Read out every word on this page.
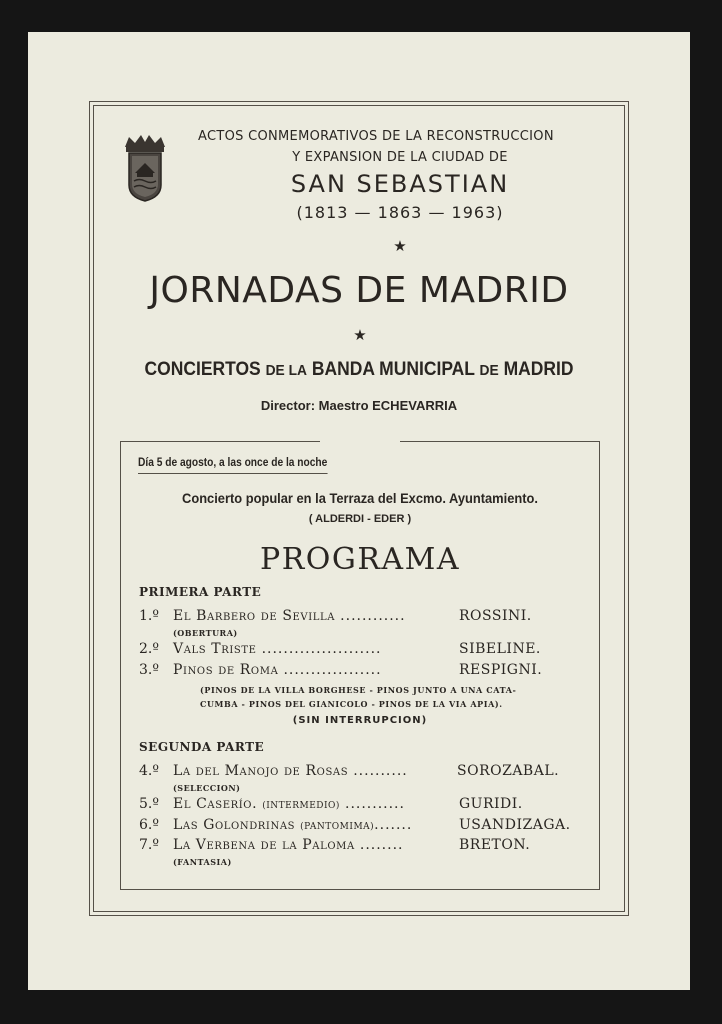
ACTOS CONMEMORATIVOS DE LA RECONSTRUCCION
Y EXPANSION DE LA CIUDAD DE
SAN SEBASTIAN
(1813 — 1863 — 1963)
★
JORNADAS DE MADRID
★
CONCIERTOS DE LA BANDA MUNICIPAL DE MADRID
Director: Maestro ECHEVARRIA
Día 5 de agosto, a las once de la noche
Concierto popular en la Terraza del Excmo. Ayuntamiento.
( ALDERDI - EDER )
PROGRAMA
PRIMERA PARTE
1.º El Barbero de Sevilla ............	ROSSINI.
(OBERTURA)
2.º Vals Triste ......................	SIBELINE.
3.º Pinos de Roma ..................	RESPIGNI.
(PINOS DE LA VILLA BORGHESE - PINOS JUNTO A UNA CATA-
CUMBA - PINOS DEL GIANICOLO - PINOS DE LA VIA APIA).
(SIN INTERRUPCION)
SEGUNDA PARTE
4.º La del Manojo de Rosas ..........	SOROZABAL.
(SELECCION)
5.º El Caserío. (INTERMEDIO) ...........	GURIDI.
6.º Las Golondrinas (PANTOMIMA).......	USANDIZAGA.
7.º La Verbena de la Paloma ........	BRETON.
(FANTASIA)
